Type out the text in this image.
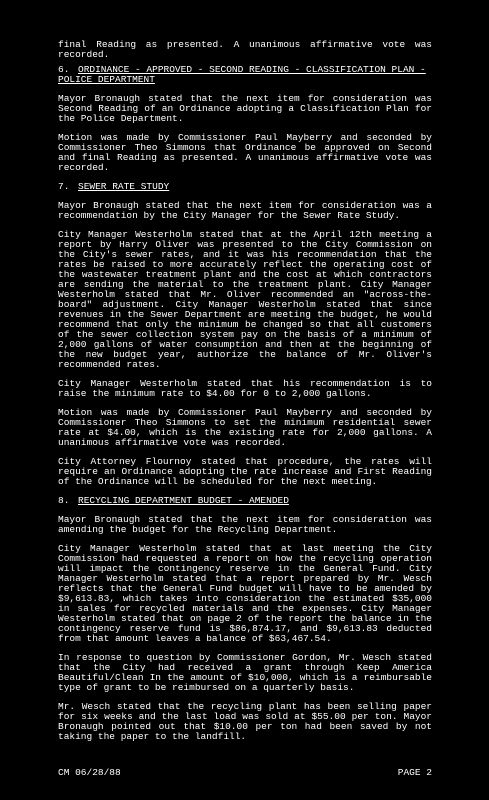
final Reading as presented. A unanimous affirmative vote was recorded.

6. ORDINANCE - APPROVED - SECOND READING - CLASSIFICATION PLAN - POLICE DEPARTMENT

Mayor Bronaugh stated that the next item for consideration was Second Reading of an Ordinance adopting a Classification Plan for the Police Department.

Motion was made by Commissioner Paul Mayberry and seconded by Commissioner Theo Simmons that Ordinance be approved on Second and final Reading as presented. A unanimous affirmative vote was recorded.

7. SEWER RATE STUDY

Mayor Bronaugh stated that the next item for consideration was a recommendation by the City Manager for the Sewer Rate Study.

City Manager Westerholm stated that at the April 12th meeting a report by Harry Oliver was presented to the City Commission on the City's sewer rates, and it was his recommendation that the rates be raised to more accurately reflect the operating cost of the wastewater treatment plant and the cost at which contractors are sending the material to the treatment plant. City Manager Westerholm stated that Mr. Oliver recommended an "across-the-board" adjustment. City Manager Westerholm stated that since revenues in the Sewer Department are meeting the budget, he would recommend that only the minimum be changed so that all customers of the sewer collection system pay on the basis of a minimum of 2,000 gallons of water consumption and then at the beginning of the new budget year, authorize the balance of Mr. Oliver's recommended rates.

City Manager Westerholm stated that his recommendation is to raise the minimum rate to $4.00 for 0 to 2,000 gallons.

Motion was made by Commissioner Paul Mayberry and seconded by Commissioner Theo Simmons to set the minimum residential sewer rate at $4.00, which is the existing rate for 2,000 gallons. A unanimous affirmative vote was recorded.

City Attorney Flournoy stated that procedure, the rates will require an Ordinance adopting the rate increase and First Reading of the Ordinance will be scheduled for the next meeting.

8. RECYCLING DEPARTMENT BUDGET - AMENDED

Mayor Bronaugh stated that the next item for consideration was amending the budget for the Recycling Department.

City Manager Westerholm stated that at last meeting the City Commission had requested a report on how the recycling operation will impact the contingency reserve in the General Fund. City Manager Westerholm stated that a report prepared by Mr. Wesch reflects that the General Fund budget will have to be amended by $9,613.83, which takes into consideration the estimated $35,000 in sales for recycled materials and the expenses. City Manager Westerholm stated that on page 2 of the report the balance in the contingency reserve fund is $86,874.17, and $9,613.83 deducted from that amount leaves a balance of $63,467.54.

In response to question by Commissioner Gordon, Mr. Wesch stated that the City had received a grant through Keep America Beautiful/Clean In the amount of $10,000, which is a reimbursable type of grant to be reimbursed on a quarterly basis.

Mr. Wesch stated that the recycling plant has been selling paper for six weeks and the last load was sold at $55.00 per ton. Mayor Bronaugh pointed out that $10.00 per ton had been saved by not taking the paper to the landfill.

CM 06/28/88	PAGE 2
